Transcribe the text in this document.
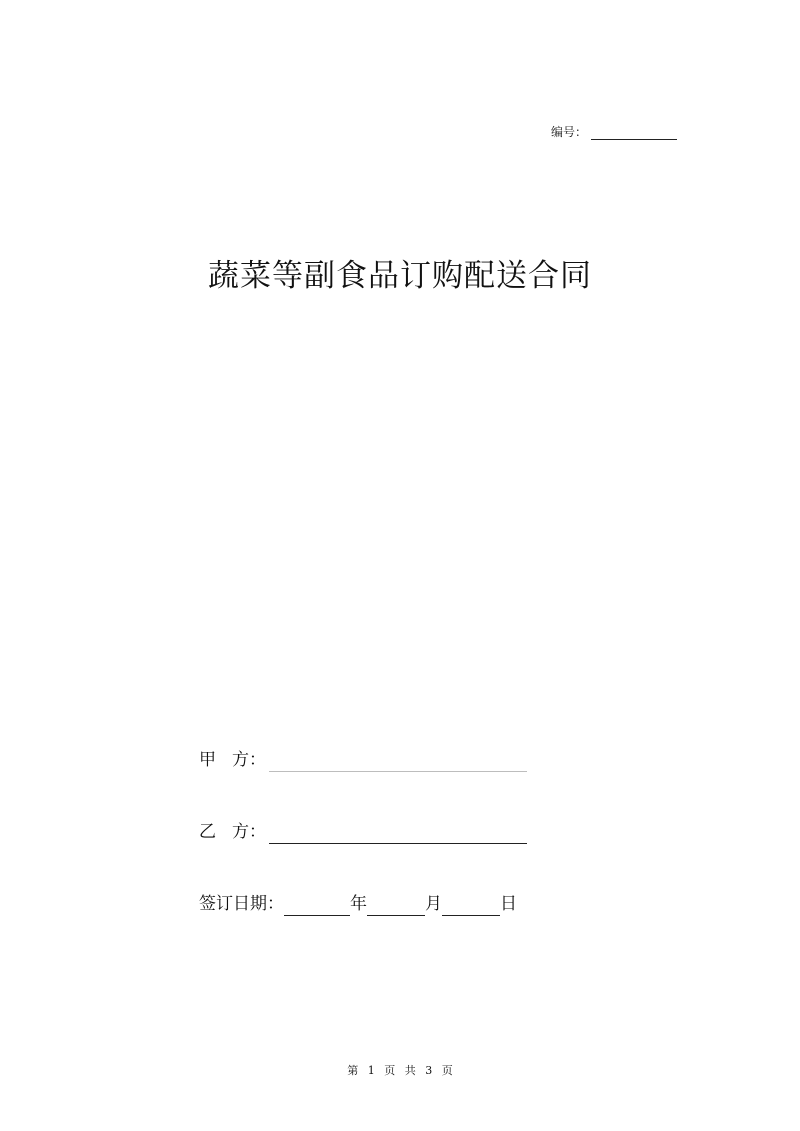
编号：
蔬菜等副食品订购配送合同
甲 方：
乙 方：
签订日期：	年	月	日
第 1 页 共 3 页
